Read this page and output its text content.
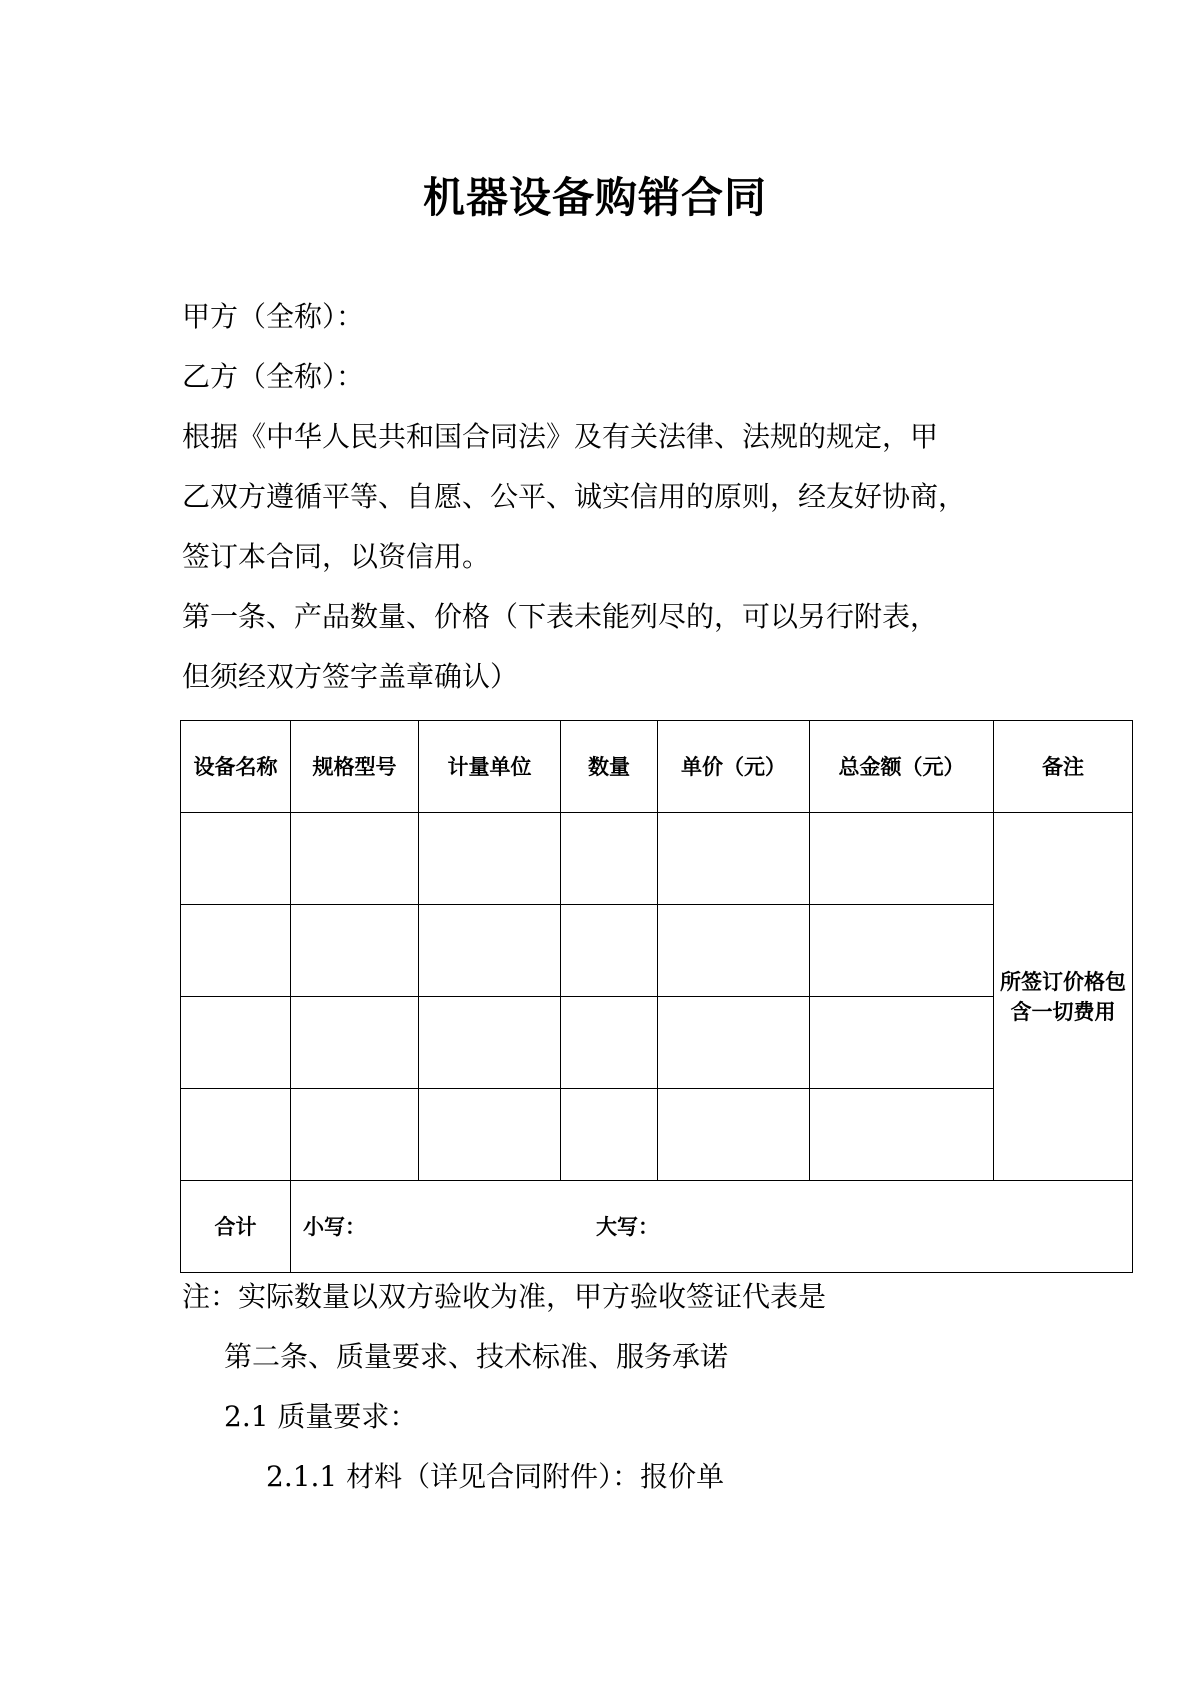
机器设备购销合同
甲方（全称）：
乙方（全称）：
根据《中华人民共和国合同法》及有关法律、法规的规定，甲
乙双方遵循平等、自愿、公平、诚实信用的原则，经友好协商，
签订本合同，以资信用。
第一条、产品数量、价格（下表未能列尽的，可以另行附表，
但须经双方签字盖章确认）
设备名称	规格型号	计量单位	数量	单价（元）	总金额（元）	备注
						所签订价格包含一切费用

合计	小写： 大写：					
注：实际数量以双方验收为准，甲方验收签证代表是
第二条、质量要求、技术标准、服务承诺
2.1 质量要求：
2.1.1 材料（详见合同附件）：报价单
